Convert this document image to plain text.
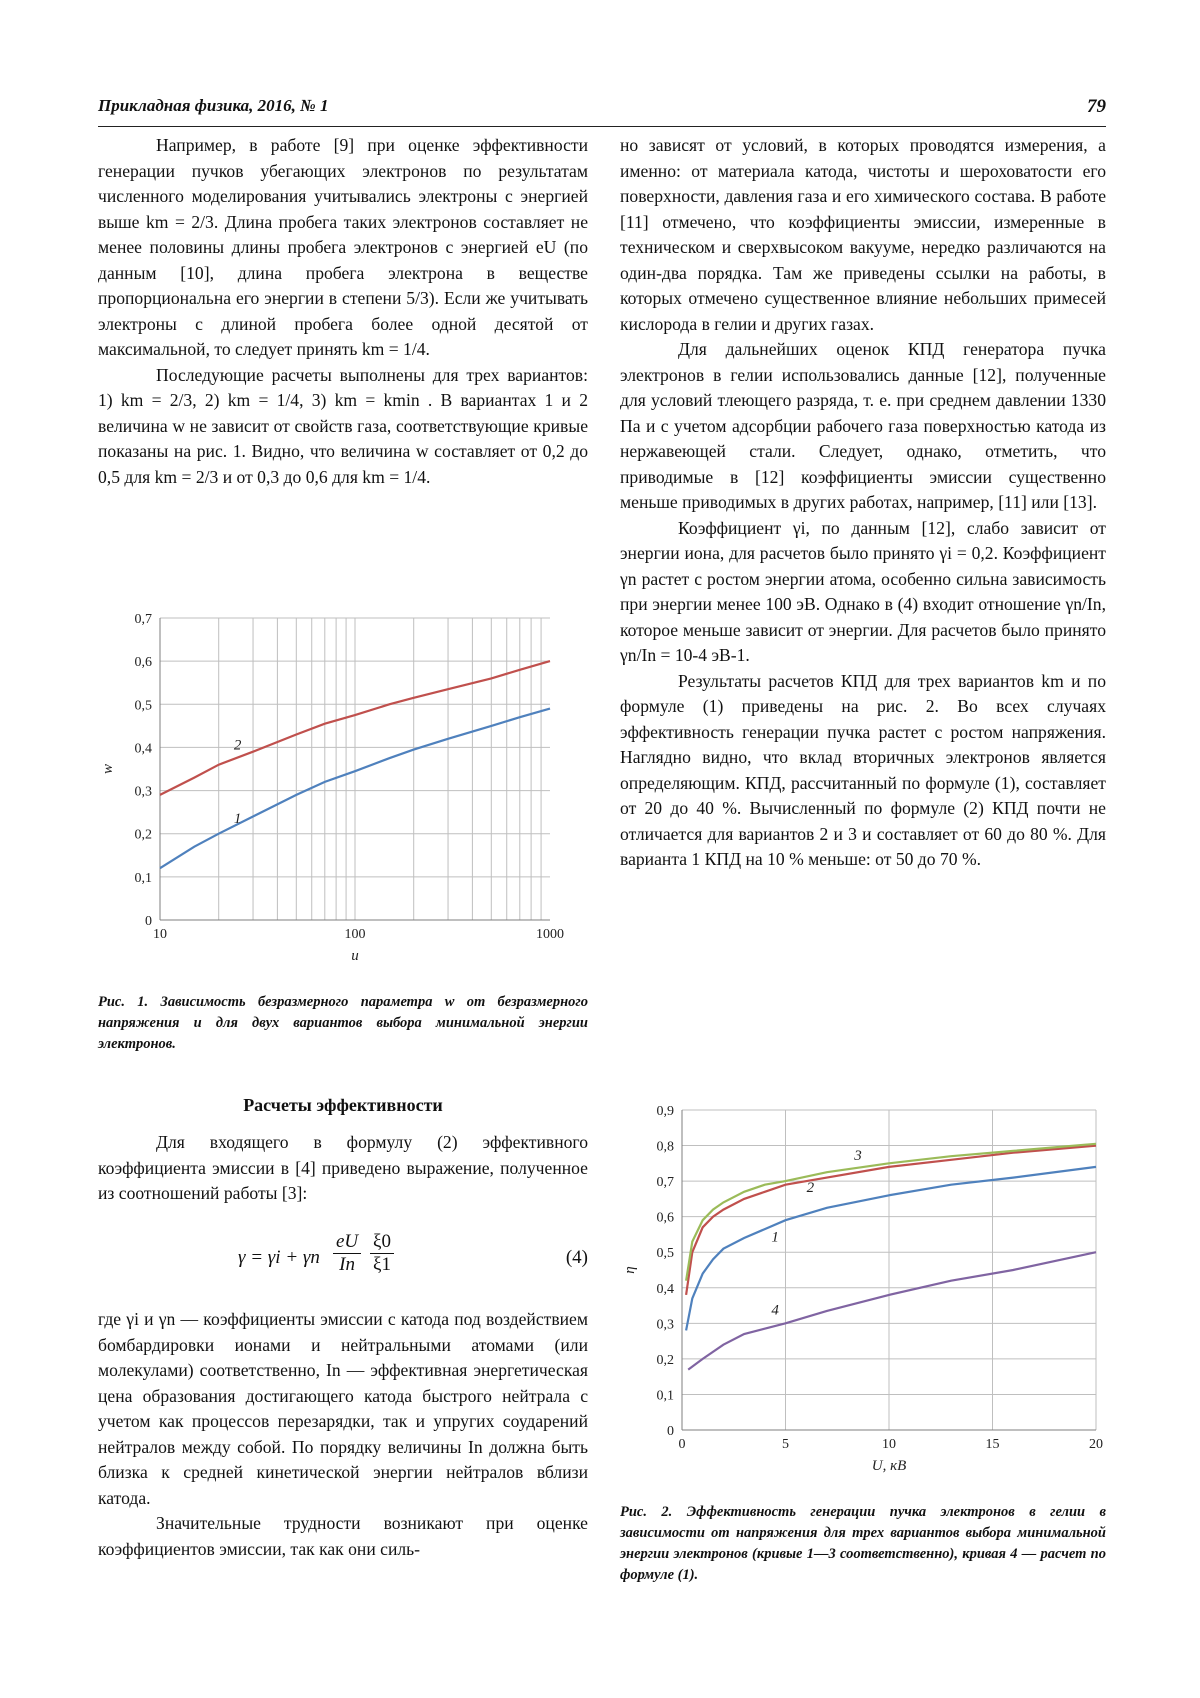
Прикладная физика, 2016, № 1	79

Например, в работе [9] при оценке эффективности генерации пучков убегающих электронов по результатам численного моделирования учитывались электроны с энергией выше km = 2/3. Длина пробега таких электронов составляет не менее половины длины пробега электронов с энергией eU (по данным [10], длина пробега электрона в веществе пропорциональна его энергии в степени 5/3). Если же учитывать электроны с длиной пробега более одной десятой от максимальной, то следует принять km = 1/4.

Последующие расчеты выполнены для трех вариантов: 1) km = 2/3, 2) km = 1/4, 3) km = kmin . В вариантах 1 и 2 величина w не зависит от свойств газа, соответствующие кривые показаны на рис. 1. Видно, что величина w составляет от 0,2 до 0,5 для km = 2/3 и от 0,3 до 0,6 для km = 1/4.

0
0,1
0,2
0,3
0,4
0,5
0,6
0,7
10	100	1000
u
w
1
2
Рис. 1. Зависимость безразмерного параметра w от безразмерного напряжения и для двух вариантов выбора минимальной энергии электронов.
Расчеты эффективности

Для входящего в формулу (2) эффективного коэффициента эмиссии в [4] приведено выражение, полученное из соотношений работы [3]:

γ = γi + γn $\frac{eU}{In} \frac{\xi 0}{\xi 1}$	(4)

где γi и γn — коэффициенты эмиссии с катода под воздействием бомбардировки ионами и нейтральными атомами (или молекулами) соответственно, In — эффективная энергетическая цена образования достигающего катода быстрого нейтрала с учетом как процессов перезарядки, так и упругих соударений нейтралов между собой. По порядку величины In должна быть близка к средней кинетической энергии нейтралов вблизи катода.

Значительные трудности возникают при оценке коэффициентов эмиссии, так как они силь-

но зависят от условий, в которых проводятся измерения, а именно: от материала катода, чистоты и шероховатости его поверхности, давления газа и его химического состава. В работе [11] отмечено, что коэффициенты эмиссии, измеренные в техническом и сверхвысоком вакууме, нередко различаются на один-два порядка. Там же приведены ссылки на работы, в которых отмечено существенное влияние небольших примесей кислорода в гелии и других газах.

Для дальнейших оценок КПД генератора пучка электронов в гелии использовались данные [12], полученные для условий тлеющего разряда, т. е. при среднем давлении 1330 Па и с учетом адсорбции рабочего газа поверхностью катода из нержавеющей стали. Следует, однако, отметить, что приводимые в [12] коэффициенты эмиссии существенно меньше приводимых в других работах, например, [11] или [13].

Коэффициент γi, по данным [12], слабо зависит от энергии иона, для расчетов было принято γi = 0,2. Коэффициент γn растет с ростом энергии атома, особенно сильна зависимость при энергии менее 100 эВ. Однако в (4) входит отношение γn/In, которое меньше зависит от энергии. Для расчетов было принято γn/In = 10-4 эВ-1.

Результаты расчетов КПД для трех вариантов km и по формуле (1) приведены на рис. 2. Во всех случаях эффективность генерации пучка растет с ростом напряжения. Наглядно видно, что вклад вторичных электронов является определяющим. КПД, рассчитанный по формуле (1), составляет от 20 до 40 %. Вычисленный по формуле (2) КПД почти не отличается для вариантов 2 и 3 и составляет от 60 до 80 %. Для варианта 1 КПД на 10 % меньше: от 50 до 70 %.

0
0,1
0,2
0,3
0,4
0,5
0,6
0,7
0,8
0,9
0	5	10	15	20
U, кВ
η
1
2
3
4
Рис. 2. Эффективность генерации пучка электронов в гелии в зависимости от напряжения для трех вариантов выбора минимальной энергии электронов (кривые 1—3 соответственно), кривая 4 — расчет по формуле (1).
